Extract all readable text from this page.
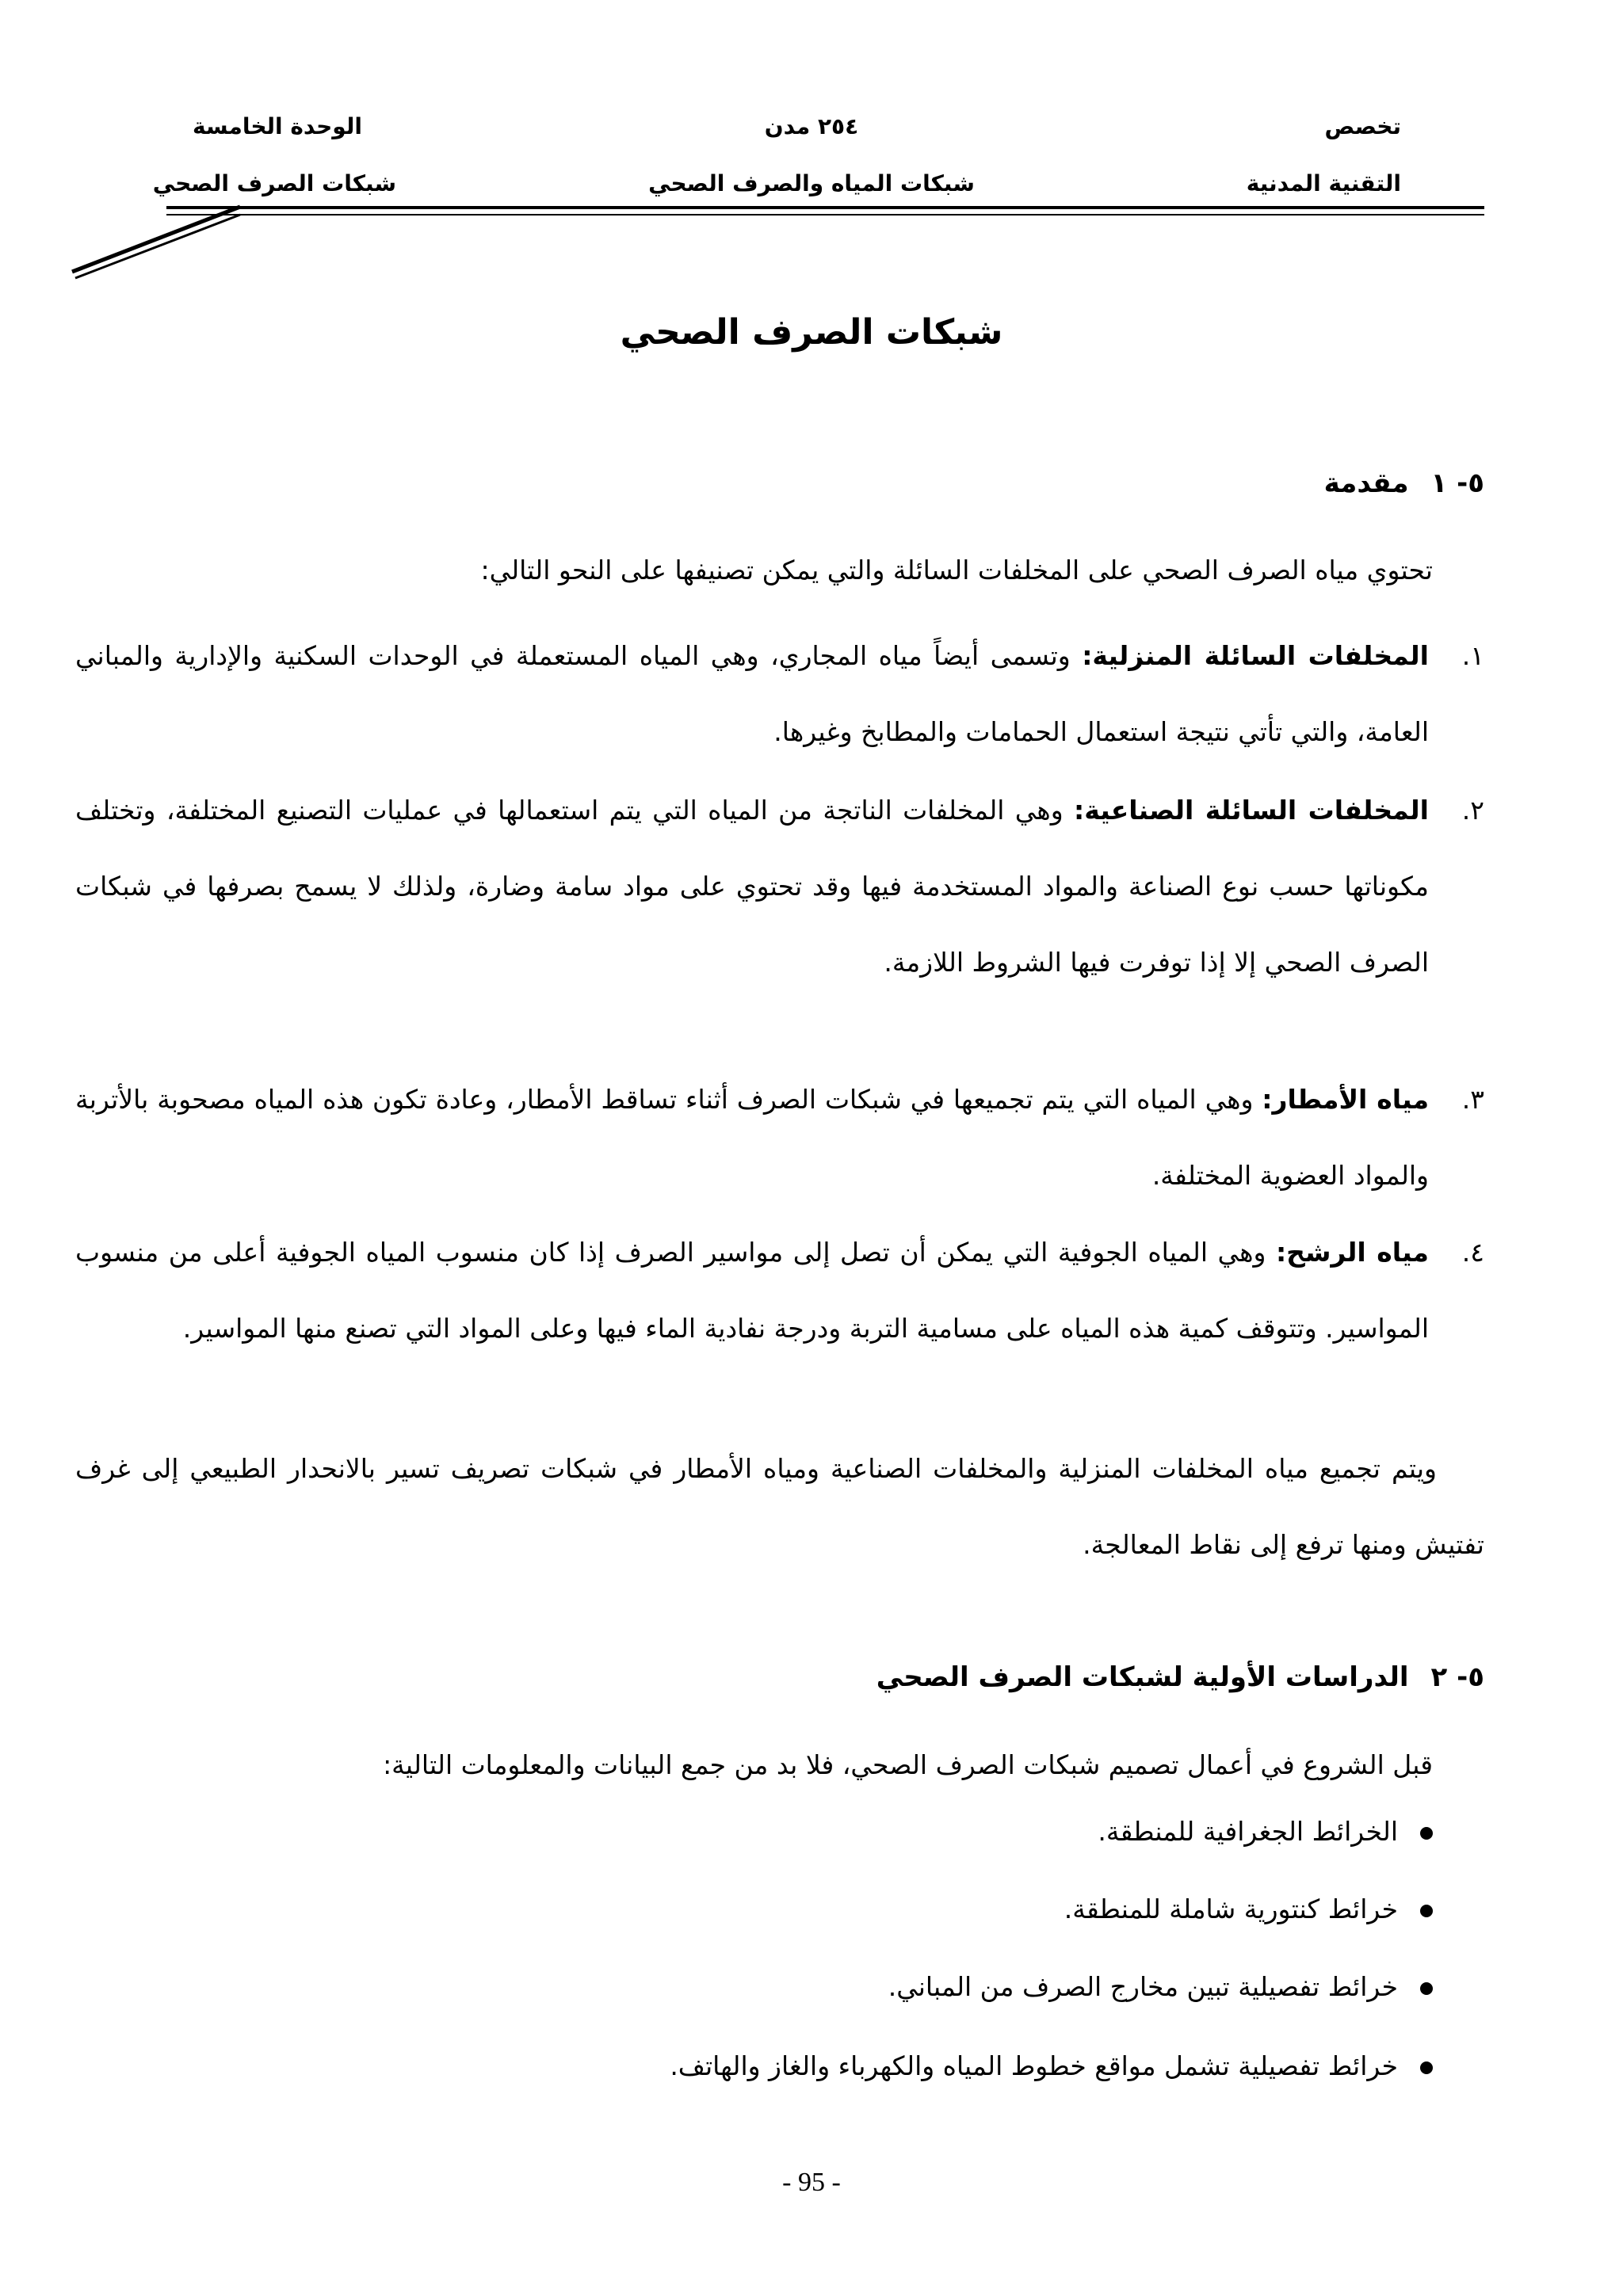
تخصص
التقنية المدنية
٢٥٤ مدن
شبكات المياه والصرف الصحي
الوحدة الخامسة
شبكات الصرف الصحي
شبكات الصرف الصحي
٥- ١مقدمة
تحتوي مياه الصرف الصحي على المخلفات السائلة والتي يمكن تصنيفها على النحو التالي:
١.
المخلفات السائلة المنزلية: وتسمى أيضاً مياه المجاري، وهي المياه المستعملة في الوحدات السكنية والإدارية والمباني العامة، والتي تأتي نتيجة استعمال الحمامات والمطابخ وغيرها.
٢.
المخلفات السائلة الصناعية: وهي المخلفات الناتجة من المياه التي يتم استعمالها في عمليات التصنيع المختلفة، وتختلف مكوناتها حسب نوع الصناعة والمواد المستخدمة فيها وقد تحتوي على مواد سامة وضارة، ولذلك لا يسمح بصرفها في شبكات الصرف الصحي إلا إذا توفرت فيها الشروط اللازمة.
٣.
مياه الأمطار: وهي المياه التي يتم تجميعها في شبكات الصرف أثناء تساقط الأمطار، وعادة تكون هذه المياه مصحوبة بالأتربة والمواد العضوية المختلفة.
٤.
مياه الرشح: وهي المياه الجوفية التي يمكن أن تصل إلى مواسير الصرف إذا كان منسوب المياه الجوفية أعلى من منسوب المواسير. وتتوقف كمية هذه المياه على مسامية التربة ودرجة نفادية الماء فيها وعلى المواد التي تصنع منها المواسير.
ويتم تجميع مياه المخلفات المنزلية والمخلفات الصناعية ومياه الأمطار في شبكات تصريف تسير بالانحدار الطبيعي إلى غرف تفتيش ومنها ترفع إلى نقاط المعالجة.
٥- ٢الدراسات الأولية لشبكات الصرف الصحي
قبل الشروع في أعمال تصميم شبكات الصرف الصحي، فلا بد من جمع البيانات والمعلومات التالية:
الخرائط الجغرافية للمنطقة.
خرائط كنتورية شاملة للمنطقة.
خرائط تفصيلية تبين مخارج الصرف من المباني.
خرائط تفصيلية تشمل مواقع خطوط المياه والكهرباء والغاز والهاتف.
- 95 -
